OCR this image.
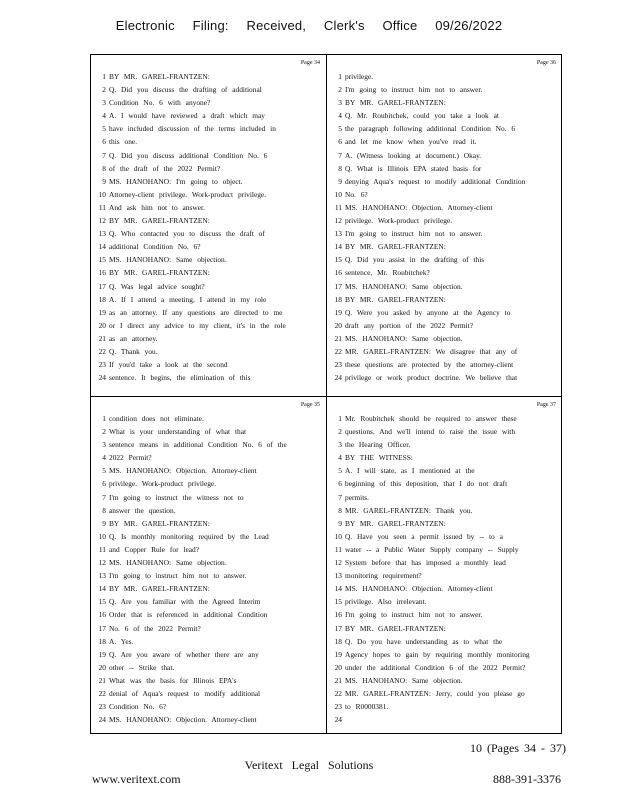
Electronic Filing: Received, Clerk's Office 09/26/2022
Page 34
1 BY MR. GAREL-FRANTZEN:
2 Q. Did you discuss the drafting of additional
3 Condition No. 6 with anyone?
4 A. I would have reviewed a draft which may
5 have included discussion of the terms included in
6 this one.
7 Q. Did you discuss additional Condition No. 6
8 of the draft of the 2022 Permit?
9 MS. HANOHANO: I'm going to object.
10 Attorney-client privilege. Work-product privilege.
11 And ask him not to answer.
12 BY MR. GAREL-FRANTZEN:
13 Q. Who contacted you to discuss the draft of
14 additional Condition No. 6?
15 MS. HANOHANO: Same objection.
16 BY MR. GAREL-FRANTZEN:
17 Q. Was legal advice sought?
18 A. If I attend a meeting, I attend in my role
19 as an attorney. If any questions are directed to me
20 or I direct any advice to my client, it's in the role
21 as an attorney.
22 Q. Thank you.
23 If you'd take a look at the second
24 sentence. It begins, the elimination of this
Page 36
1 privilege.
2 I'm going to instruct him not to answer.
3 BY MR. GAREL-FRANTZEN:
4 Q. Mr. Roubitchek, could you take a look at
5 the paragraph following additional Condition No. 6
6 and let me know when you've read it.
7 A. (Witness looking at document.) Okay.
8 Q. What is Illinois EPA stated basis for
9 denying Aqua's request to modify additional Condition
10 No. 6?
11 MS. HANOHANO: Objection. Attorney-client
12 privilege. Work-product privilege.
13 I'm going to instruct him not to answer.
14 BY MR. GAREL-FRANTZEN:
15 Q. Did you assist in the drafting of this
16 sentence, Mr. Roubitchek?
17 MS. HANOHANO: Same objection.
18 BY MR. GAREL-FRANTZEN:
19 Q. Were you asked by anyone at the Agency to
20 draft any portion of the 2022 Permit?
21 MS. HANOHANO: Same objection.
22 MR. GAREL-FRANTZEN: We disagree that any of
23 these questions are protected by the attorney-client
24 privilege or work product doctrine. We believe that
Page 35
1 condition does not eliminate.
2 What is your understanding of what that
3 sentence means in additional Condition No. 6 of the
4 2022 Permit?
5 MS. HANOHANO: Objection. Attorney-client
6 privilege. Work-product privilege.
7 I'm going to instruct the witness not to
8 answer the question.
9 BY MR. GAREL-FRANTZEN:
10 Q. Is monthly monitoring required by the Lead
11 and Copper Rule for lead?
12 MS. HANOHANO: Same objection.
13 I'm going to instruct him not to answer.
14 BY MR. GAREL-FRANTZEN:
15 Q. Are you familiar with the Agreed Interim
16 Order that is referenced in additional Condition
17 No. 6 of the 2022 Permit?
18 A. Yes.
19 Q. Are you aware of whether there are any
20 other -- Strike that.
21 What was the basis for Illinois EPA's
22 denial of Aqua's request to modify additional
23 Condition No. 6?
24 MS. HANOHANO: Objection. Attorney-client
Page 37
1 Mr. Roubitchek should be required to answer these
2 questions. And we'll intend to raise the issue with
3 the Hearing Officer.
4 BY THE WITNESS:
5 A. I will state, as I mentioned at the
6 beginning of this deposition, that I do not draft
7 permits.
8 MR. GAREL-FRANTZEN: Thank you.
9 BY MR. GAREL-FRANTZEN:
10 Q. Have you seen a permit issued by -- to a
11 water -- a Public Water Supply company -- Supply
12 System before that has imposed a monthly lead
13 monitoring requirement?
14 MS. HANOHANO: Objection. Attorney-client
15 privilege. Also irrelevant.
16 I'm going to instruct him not to answer.
17 BY MR. GAREL-FRANTZEN:
18 Q. Do you have understanding as to what the
19 Agency hopes to gain by requiring monthly monitoring
20 under the additional Condition 6 of the 2022 Permit?
21 MS. HANOHANO: Same objection.
22 MR. GAREL-FRANTZEN: Jerry, could you please go
23 to R0000381.
24
10 (Pages 34 - 37)
Veritext Legal Solutions
www.veritext.com	888-391-3376
